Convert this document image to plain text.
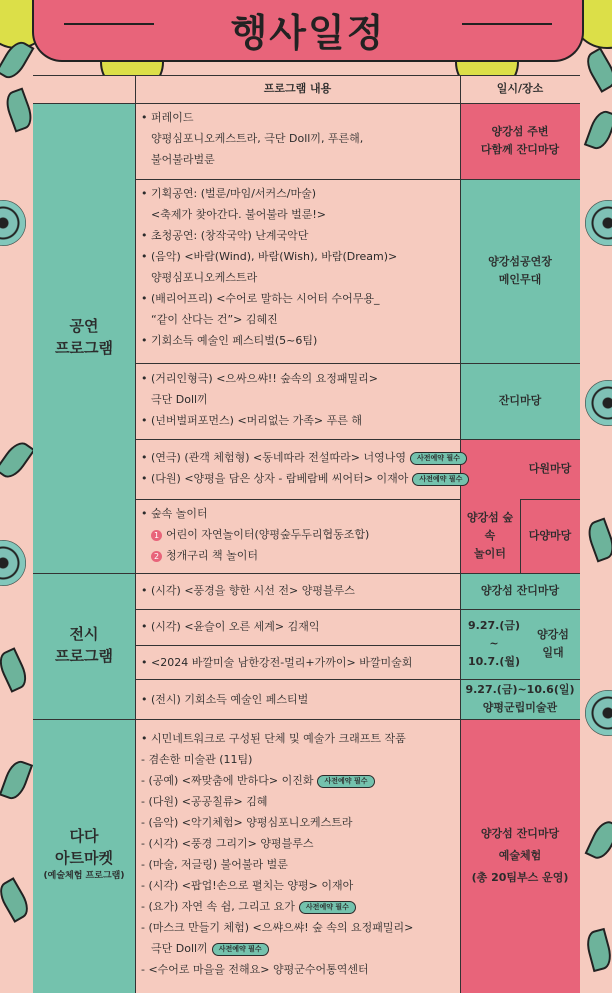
행사일정
프로그램 내용	일시/장소
공연
프로그램
전시
프로그램
다다
아트마켓
(예술체험 프로그램)
• 퍼레이드
양평심포니오케스트라, 극단 Doll끼, 푸른해,
불어불라벌룬
양강섬 주변
다함께 잔디마당
• 기획공연: (벌룬/마임/서커스/마술)
<축제가 찾아간다. 불어불라 벌룬!>
• 초청공연: (창작국악) 난계국악단
• (음악) <바람(Wind), 바람(Wish), 바람(Dream)>
양평심포니오케스트라
• (배리어프리) <수어로 말하는 시어터 수어무용_
“같이 산다는 건”> 김혜진
• 기회소득 예술인 페스티벌(5~6팀)
양강섬공연장
메인무대
• (거리인형극) <으싸으쌰!! 숲속의 요정패밀리>
극단 Doll끼
• (넌버벌퍼포먼스) <머리없는 가족> 푸른 해
잔디마당
• (연극) (관객 체험형) <동네따라 전설따라> 너영나영 사전예약 필수
• (다원) <양평을 담은 상자 - 람베람베 씨어터> 이재아 사전예약 필수
다원마당
• 숲속 놀이터
1 어린이 자연놀이터(양평숲두두리협동조합)
2 청개구리 책 놀이터
양강섬 숲
속
놀이터
다양마당
• (시각) <풍경을 향한 시선 전> 양평블루스	양강섬 잔디마당
• (시각) <윤슬이 오른 세계> 김재익
• <2024 바깔미술 남한강전-멀리+가까이> 바깔미술회
9.27.(금)
~
10.7.(월)
양강섬
일대
• (전시) 기회소득 예술인 페스티벌
9.27.(금)~10.6(일)
양평군립미술관
• 시민네트워크로 구성된 단체 및 예술가 크래프트 작품
- 겸손한 미술관 (11팀)
- (공예) <짜맞춤에 반하다> 이진화 사전예약 필수
- (다원) <공공칠류> 김혜
- (음악) <악기체험> 양평심포니오케스트라
- (시각) <풍경 그리기> 양평블루스
- (마술, 저글링) 불어불라 벌룬
- (시각) <팝업!손으로 펼치는 양평> 이재아
- (요가) 자연 속 쉼, 그리고 요가 사전예약 필수
- (마스크 만들기 체험) <으쌰으쌰! 숲 속의 요정패밀리>
극단 Doll끼 사전예약 필수
- <수어로 마을을 전해요> 양평군수어통역센터
양강섬 잔디마당
예술체험
(총 20팀부스 운영)
